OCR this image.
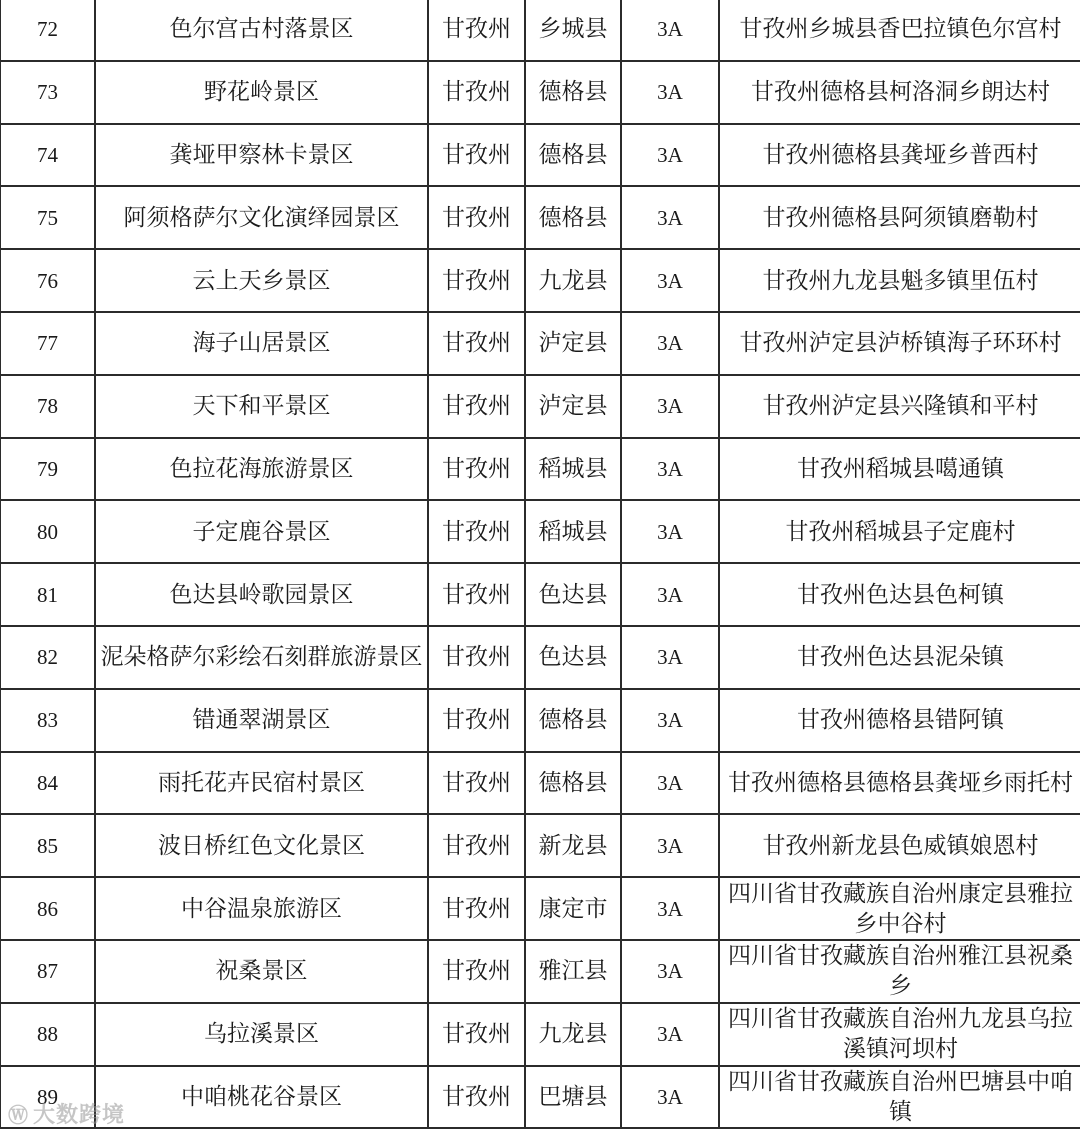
72	色尔宫古村落景区	甘孜州	乡城县	3A	甘孜州乡城县香巴拉镇色尔宫村
73	野花岭景区	甘孜州	德格县	3A	甘孜州德格县柯洛洞乡朗达村
74	龚垭甲察林卡景区	甘孜州	德格县	3A	甘孜州德格县龚垭乡普西村
75	阿须格萨尔文化演绎园景区	甘孜州	德格县	3A	甘孜州德格县阿须镇磨勒村
76	云上天乡景区	甘孜州	九龙县	3A	甘孜州九龙县魁多镇里伍村
77	海子山居景区	甘孜州	泸定县	3A	甘孜州泸定县泸桥镇海子环环村
78	天下和平景区	甘孜州	泸定县	3A	甘孜州泸定县兴隆镇和平村
79	色拉花海旅游景区	甘孜州	稻城县	3A	甘孜州稻城县噶通镇
80	子定鹿谷景区	甘孜州	稻城县	3A	甘孜州稻城县子定鹿村
81	色达县岭歌园景区	甘孜州	色达县	3A	甘孜州色达县色柯镇
82	泥朵格萨尔彩绘石刻群旅游景区	甘孜州	色达县	3A	甘孜州色达县泥朵镇
83	错通翠湖景区	甘孜州	德格县	3A	甘孜州德格县错阿镇
84	雨托花卉民宿村景区	甘孜州	德格县	3A	甘孜州德格县德格县龚垭乡雨托村
85	波日桥红色文化景区	甘孜州	新龙县	3A	甘孜州新龙县色威镇娘恩村
86	中谷温泉旅游区	甘孜州	康定市	3A	四川省甘孜藏族自治州康定县雅拉乡中谷村
87	祝桑景区	甘孜州	雅江县	3A	四川省甘孜藏族自治州雅江县祝桑乡
88	乌拉溪景区	甘孜州	九龙县	3A	四川省甘孜藏族自治州九龙县乌拉溪镇河坝村
89	中咱桃花谷景区	甘孜州	巴塘县	3A	四川省甘孜藏族自治州巴塘县中咱镇
Ⓦ 大数跨境
